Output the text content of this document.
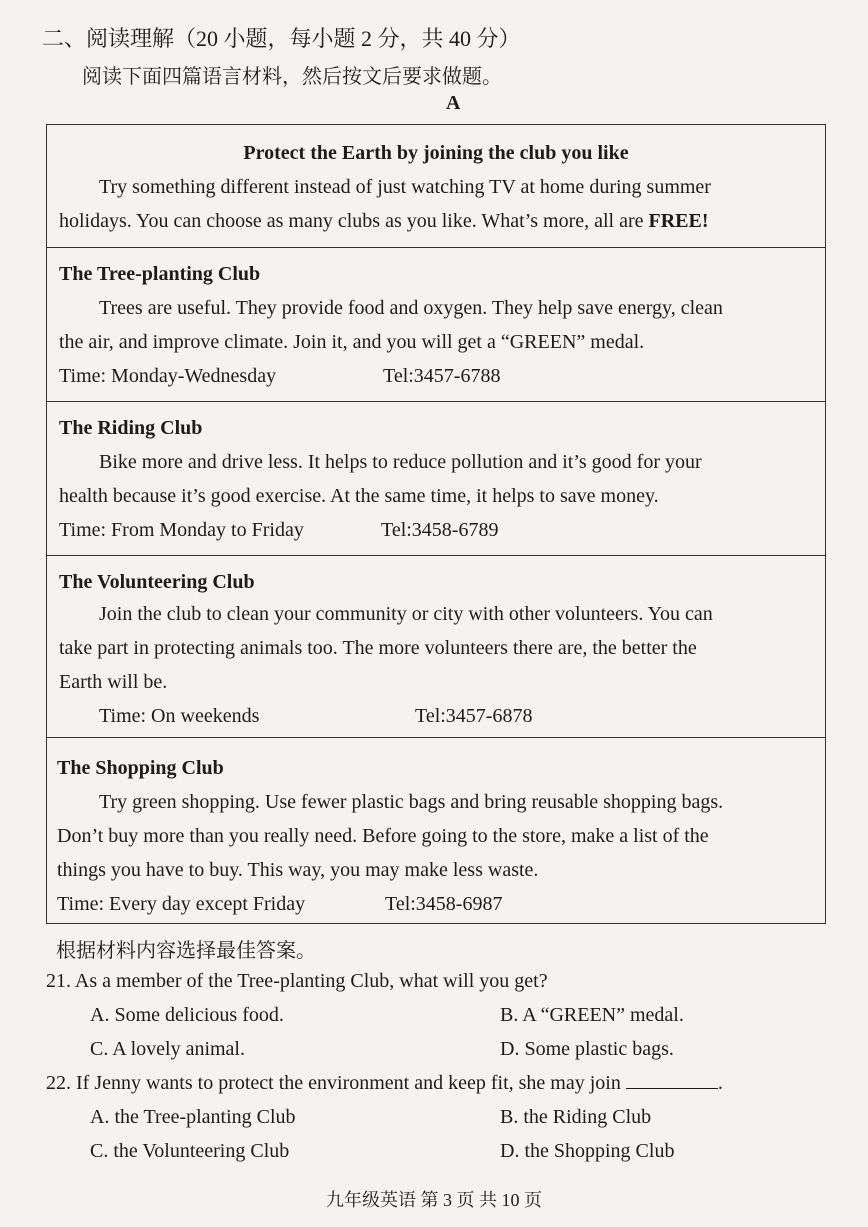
二、阅读理解（20 小题，每小题 2 分，共 40 分）
阅读下面四篇语言材料，然后按文后要求做题。
A
Protect the Earth by joining the club you like
Try something different instead of just watching TV at home during summer
holidays. You can choose as many clubs as you like. What’s more, all are FREE!
The Tree-planting Club
Trees are useful. They provide food and oxygen. They help save energy, clean
the air, and improve climate. Join it, and you will get a “GREEN” medal.
Time: Monday-Wednesday	Tel:3457-6788
The Riding Club
Bike more and drive less. It helps to reduce pollution and it’s good for your
health because it’s good exercise. At the same time, it helps to save money.
Time: From Monday to Friday	Tel:3458-6789
The Volunteering Club
Join the club to clean your community or city with other volunteers. You can
take part in protecting animals too. The more volunteers there are, the better the
Earth will be.
Time: On weekends	Tel:3457-6878
The Shopping Club
Try green shopping. Use fewer plastic bags and bring reusable shopping bags.
Don’t buy more than you really need. Before going to the store, make a list of the
things you have to buy. This way, you may make less waste.
Time: Every day except Friday	Tel:3458-6987
根据材料内容选择最佳答案。
21. As a member of the Tree-planting Club, what will you get?
A. Some delicious food.	B. A “GREEN” medal.
C. A lovely animal.	D. Some plastic bags.
22. If Jenny wants to protect the environment and keep fit, she may join	.
A. the Tree-planting Club	B. the Riding Club
C. the Volunteering Club	D. the Shopping Club
九年级英语 第 3 页 共 10 页
